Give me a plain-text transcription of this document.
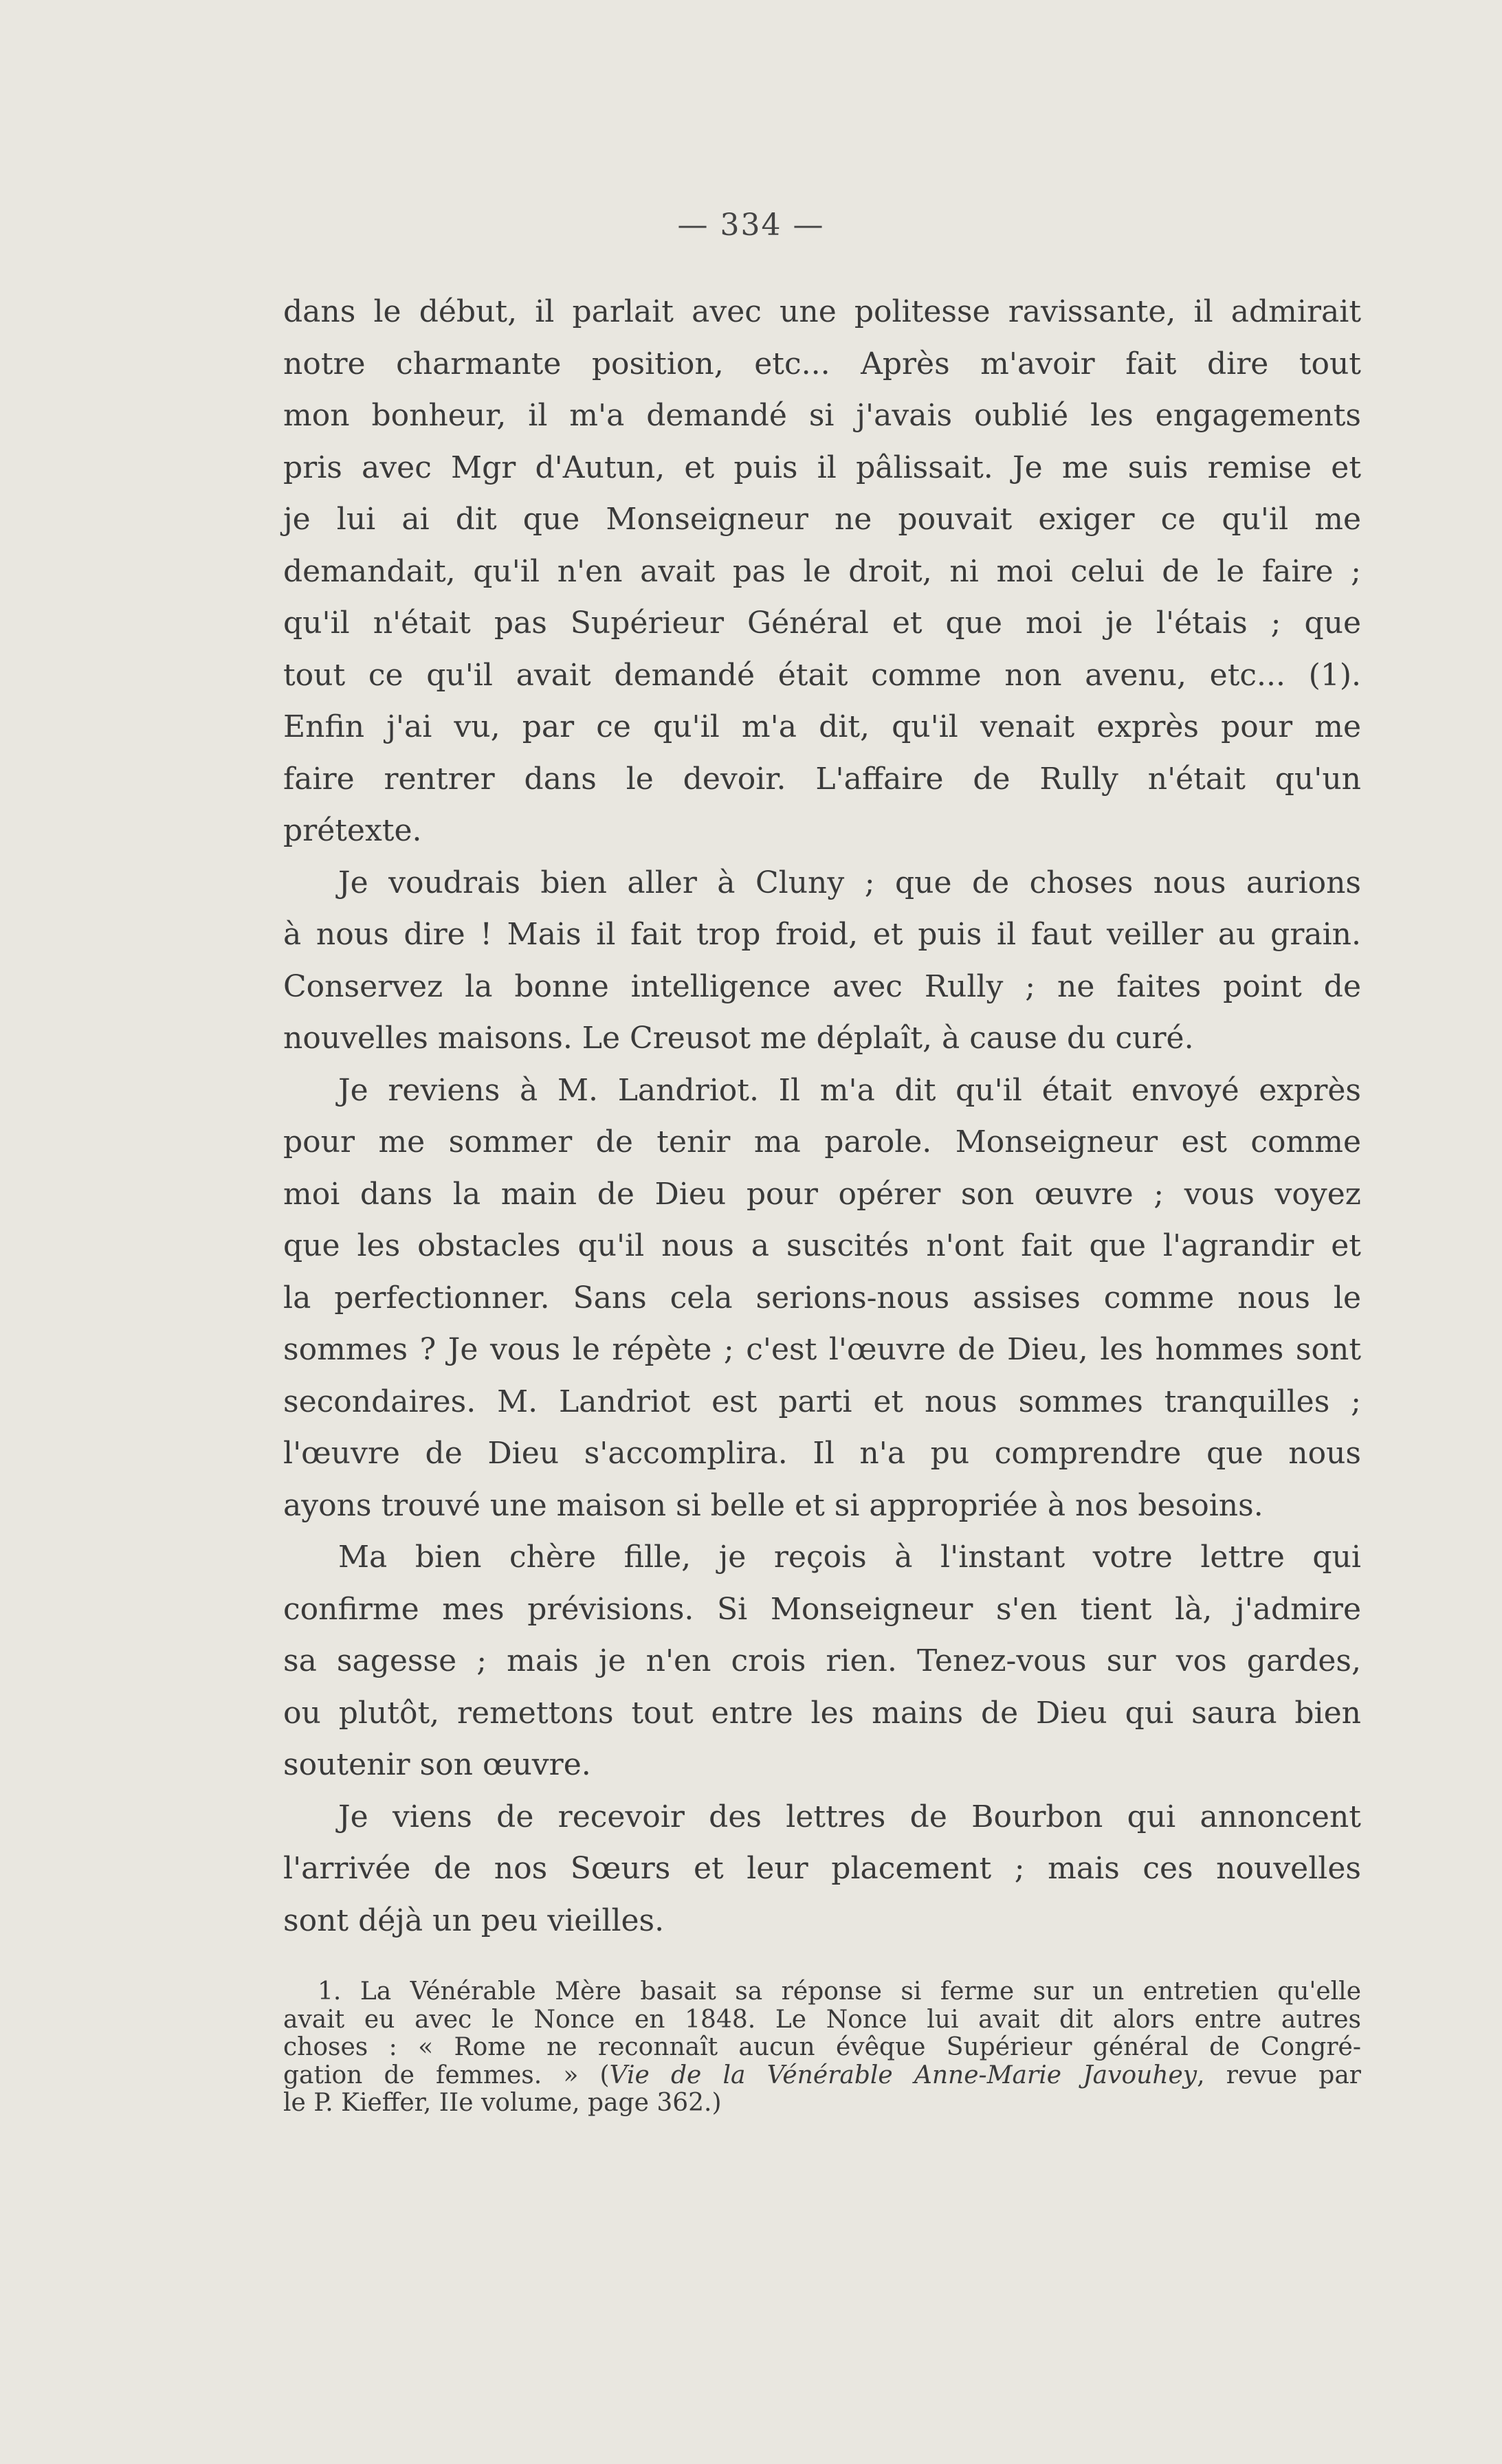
— 334 —
dans le début, il parlait avec une politesse ravissante, il admirait
notre charmante position, etc... Après m'avoir fait dire tout
mon bonheur, il m'a demandé si j'avais oublié les engagements
pris avec Mgr d'Autun, et puis il pâlissait. Je me suis remise et
je lui ai dit que Monseigneur ne pouvait exiger ce qu'il me
demandait, qu'il n'en avait pas le droit, ni moi celui de le faire ;
qu'il n'était pas Supérieur Général et que moi je l'étais ; que
tout ce qu'il avait demandé était comme non avenu, etc... (1).
Enfin j'ai vu, par ce qu'il m'a dit, qu'il venait exprès pour me
faire rentrer dans le devoir. L'affaire de Rully n'était qu'un
prétexte.
Je voudrais bien aller à Cluny ; que de choses nous aurions
à nous dire ! Mais il fait trop froid, et puis il faut veiller au grain.
Conservez la bonne intelligence avec Rully ; ne faites point de
nouvelles maisons. Le Creusot me déplaît, à cause du curé.
Je reviens à M. Landriot. Il m'a dit qu'il était envoyé exprès
pour me sommer de tenir ma parole. Monseigneur est comme
moi dans la main de Dieu pour opérer son œuvre ; vous voyez
que les obstacles qu'il nous a suscités n'ont fait que l'agrandir et
la perfectionner. Sans cela serions-nous assises comme nous le
sommes ? Je vous le répète ; c'est l'œuvre de Dieu, les hommes sont
secondaires. M. Landriot est parti et nous sommes tranquilles ;
l'œuvre de Dieu s'accomplira. Il n'a pu comprendre que nous
ayons trouvé une maison si belle et si appropriée à nos besoins.
Ma bien chère fille, je reçois à l'instant votre lettre qui
confirme mes prévisions. Si Monseigneur s'en tient là, j'admire
sa sagesse ; mais je n'en crois rien. Tenez-vous sur vos gardes,
ou plutôt, remettons tout entre les mains de Dieu qui saura bien
soutenir son œuvre.
Je viens de recevoir des lettres de Bourbon qui annoncent
l'arrivée de nos Sœurs et leur placement ; mais ces nouvelles
sont déjà un peu vieilles.
1. La Vénérable Mère basait sa réponse si ferme sur un entretien qu'elle
avait eu avec le Nonce en 1848. Le Nonce lui avait dit alors entre autres
choses : « Rome ne reconnaît aucun évêque Supérieur général de Congré-
gation de femmes. » (Vie de la Vénérable Anne-Marie Javouhey, revue par
le P. Kieffer, IIe volume, page 362.)
